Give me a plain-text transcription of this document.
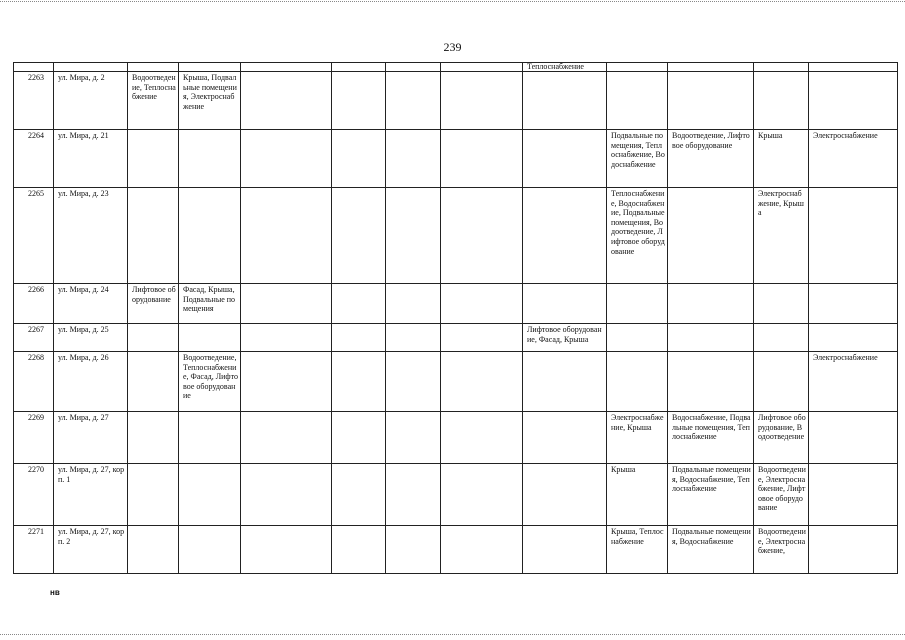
239
								Теплоснабжение				
2263	ул. Мира, д. 2	Водоотведение, Теплоснабжение	Крыша, Подвальные помещения, Электроснабжение									
2264	ул. Мира, д. 21								Подвальные помещения, Теплоснабжение, Водоснабжение	Водоотведение, Лифтовое оборудование	Крыша	Электроснабжение
2265	ул. Мира, д. 23								Теплоснабжение, Водоснабжение, Подвальные помещения, Водоотведение, Лифтовое оборудование		Электроснабжение, Крыша	
2266	ул. Мира, д. 24	Лифтовое оборудование	Фасад, Крыша, Подвальные помещения									
2267	ул. Мира, д. 25							Лифтовое оборудование, Фасад, Крыша				
2268	ул. Мира, д. 26		Водоотведение, Теплоснабжение, Фасад, Лифтовое оборудование									Электроснабжение
2269	ул. Мира, д. 27								Электроснабжение, Крыша	Водоснабжение, Подвальные помещения, Теплоснабжение	Лифтовое оборудование, Водоотведение	
2270	ул. Мира, д. 27, корп. 1								Крыша	Подвальные помещения, Водоснабжение, Теплоснабжение	Водоотведение, Электроснабжение, Лифтовое оборудование	
2271	ул. Мира, д. 27, корп. 2								Крыша, Теплоснабжение	Подвальные помещения, Водоснабжение	Водоотведение, Электроснабжение,	
нв
